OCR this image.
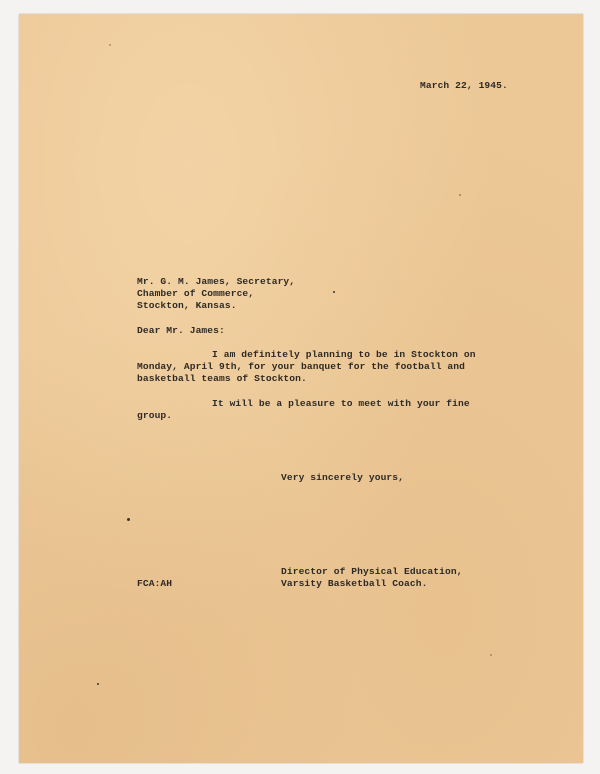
March 22, 1945.
Mr. G. M. James, Secretary,
Chamber of Commerce,
Stockton, Kansas.
Dear Mr. James:
I am definitely planning to be in Stockton on
Monday, April 9th, for your banquet for the football and
basketball teams of Stockton.
It will be a pleasure to meet with your fine
group.
Very sincerely yours,
Director of Physical Education,
Varsity Basketball Coach.
FCA:AH
